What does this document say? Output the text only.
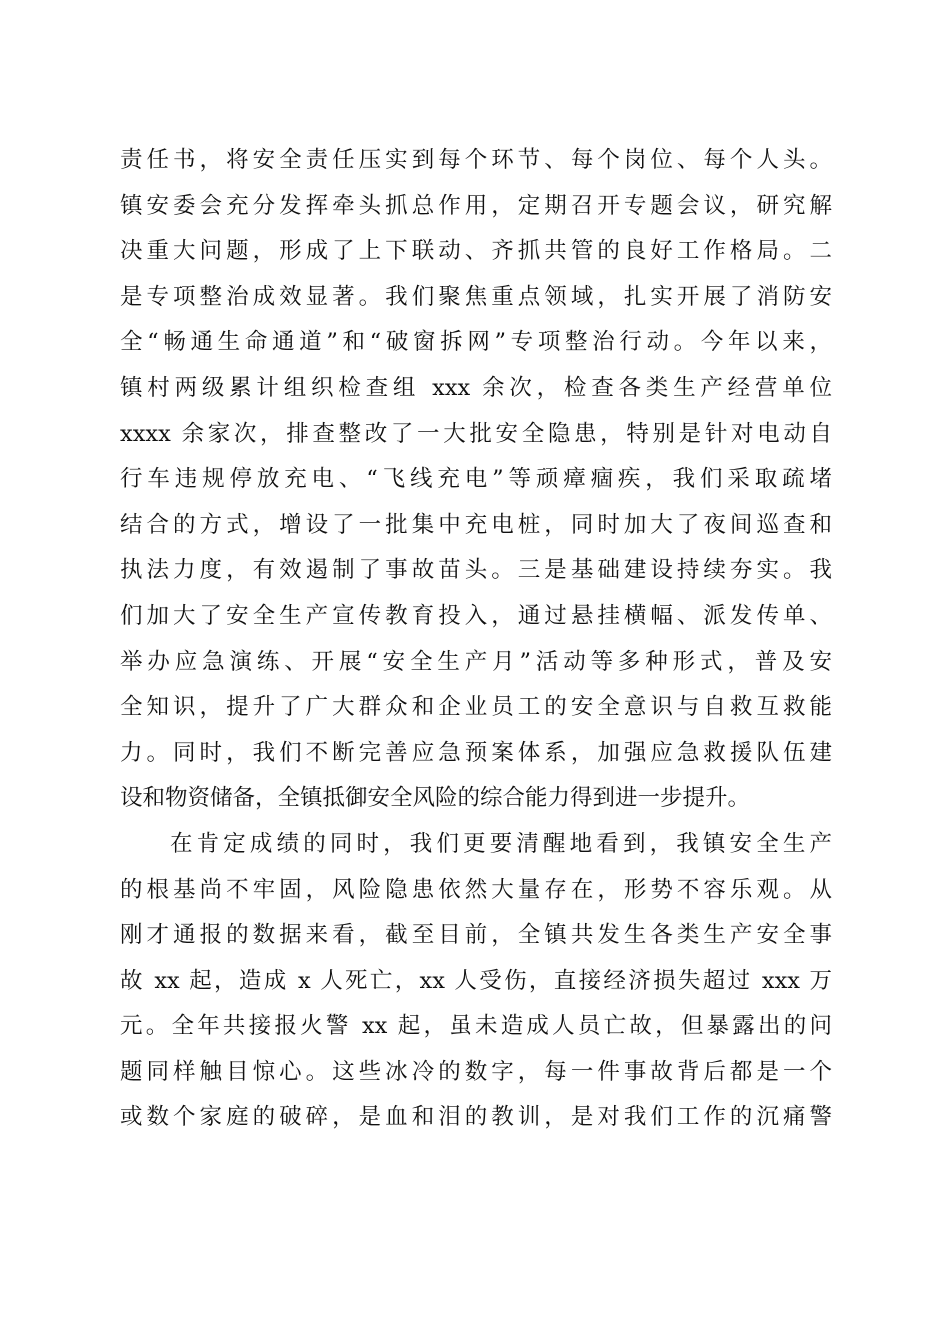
责任书，将安全责任压实到每个环节、每个岗位、每个人头。
镇安委会充分发挥牵头抓总作用，定期召开专题会议，研究解
决重大问题，形成了上下联动、齐抓共管的良好工作格局。二
是专项整治成效显著。我们聚焦重点领域，扎实开展了消防安
全“畅通生命通道”和“破窗拆网”专项整治行动。今年以来，
镇村两级累计组织检查组 xxx 余次，检查各类生产经营单位
xxxx 余家次，排查整改了一大批安全隐患，特别是针对电动自
行车违规停放充电、“飞线充电”等顽瘴痼疾，我们采取疏堵
结合的方式，增设了一批集中充电桩，同时加大了夜间巡查和
执法力度，有效遏制了事故苗头。三是基础建设持续夯实。我
们加大了安全生产宣传教育投入，通过悬挂横幅、派发传单、
举办应急演练、开展“安全生产月”活动等多种形式，普及安
全知识，提升了广大群众和企业员工的安全意识与自救互救能
力。同时，我们不断完善应急预案体系，加强应急救援队伍建
设和物资储备，全镇抵御安全风险的综合能力得到进一步提升。
在肯定成绩的同时，我们更要清醒地看到，我镇安全生产
的根基尚不牢固，风险隐患依然大量存在，形势不容乐观。从
刚才通报的数据来看，截至目前，全镇共发生各类生产安全事
故 xx 起，造成 x 人死亡，xx 人受伤，直接经济损失超过 xxx 万
元。全年共接报火警 xx 起，虽未造成人员亡故，但暴露出的问
题同样触目惊心。这些冰冷的数字，每一件事故背后都是一个
或数个家庭的破碎，是血和泪的教训，是对我们工作的沉痛警
